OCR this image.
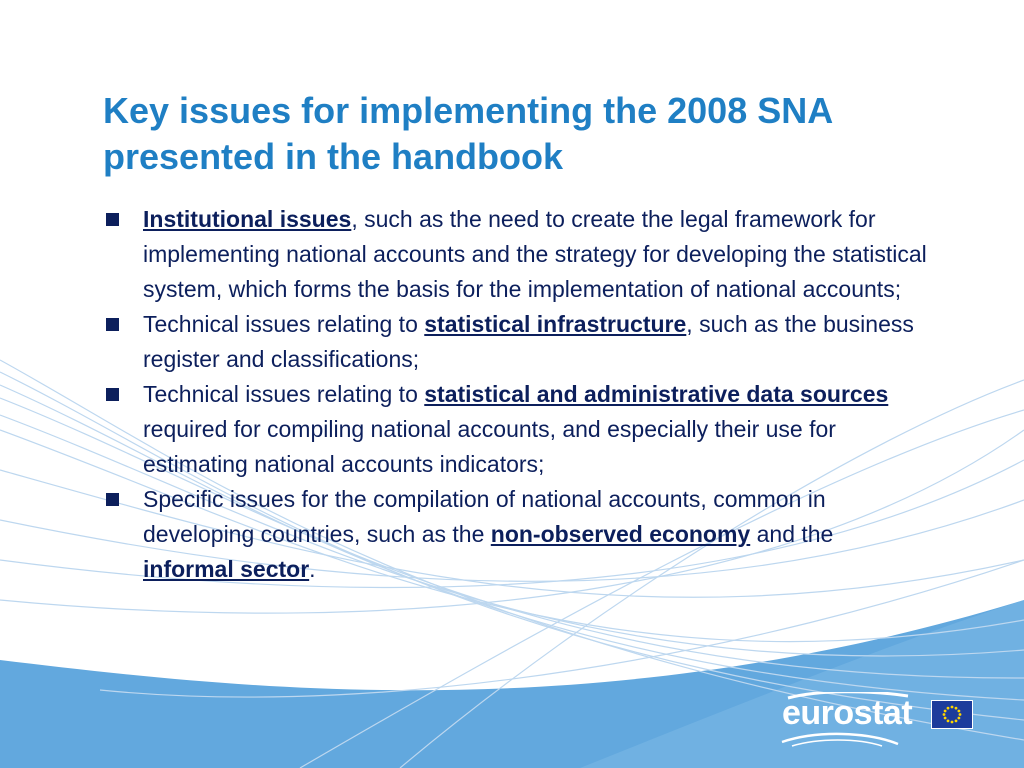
Key issues for implementing the 2008 SNA presented in the handbook
Institutional issues, such as the need to create the legal framework for implementing national accounts and the strategy for developing the statistical system, which forms the basis for the implementation of national accounts;
Technical issues relating to statistical infrastructure, such as the business register and classifications;
Technical issues relating to statistical and administrative data sources required for compiling national accounts, and especially their use for estimating national accounts indicators;
Specific issues for the compilation of national accounts, common in developing countries, such as the non-observed economy and the informal sector.
eurostat
